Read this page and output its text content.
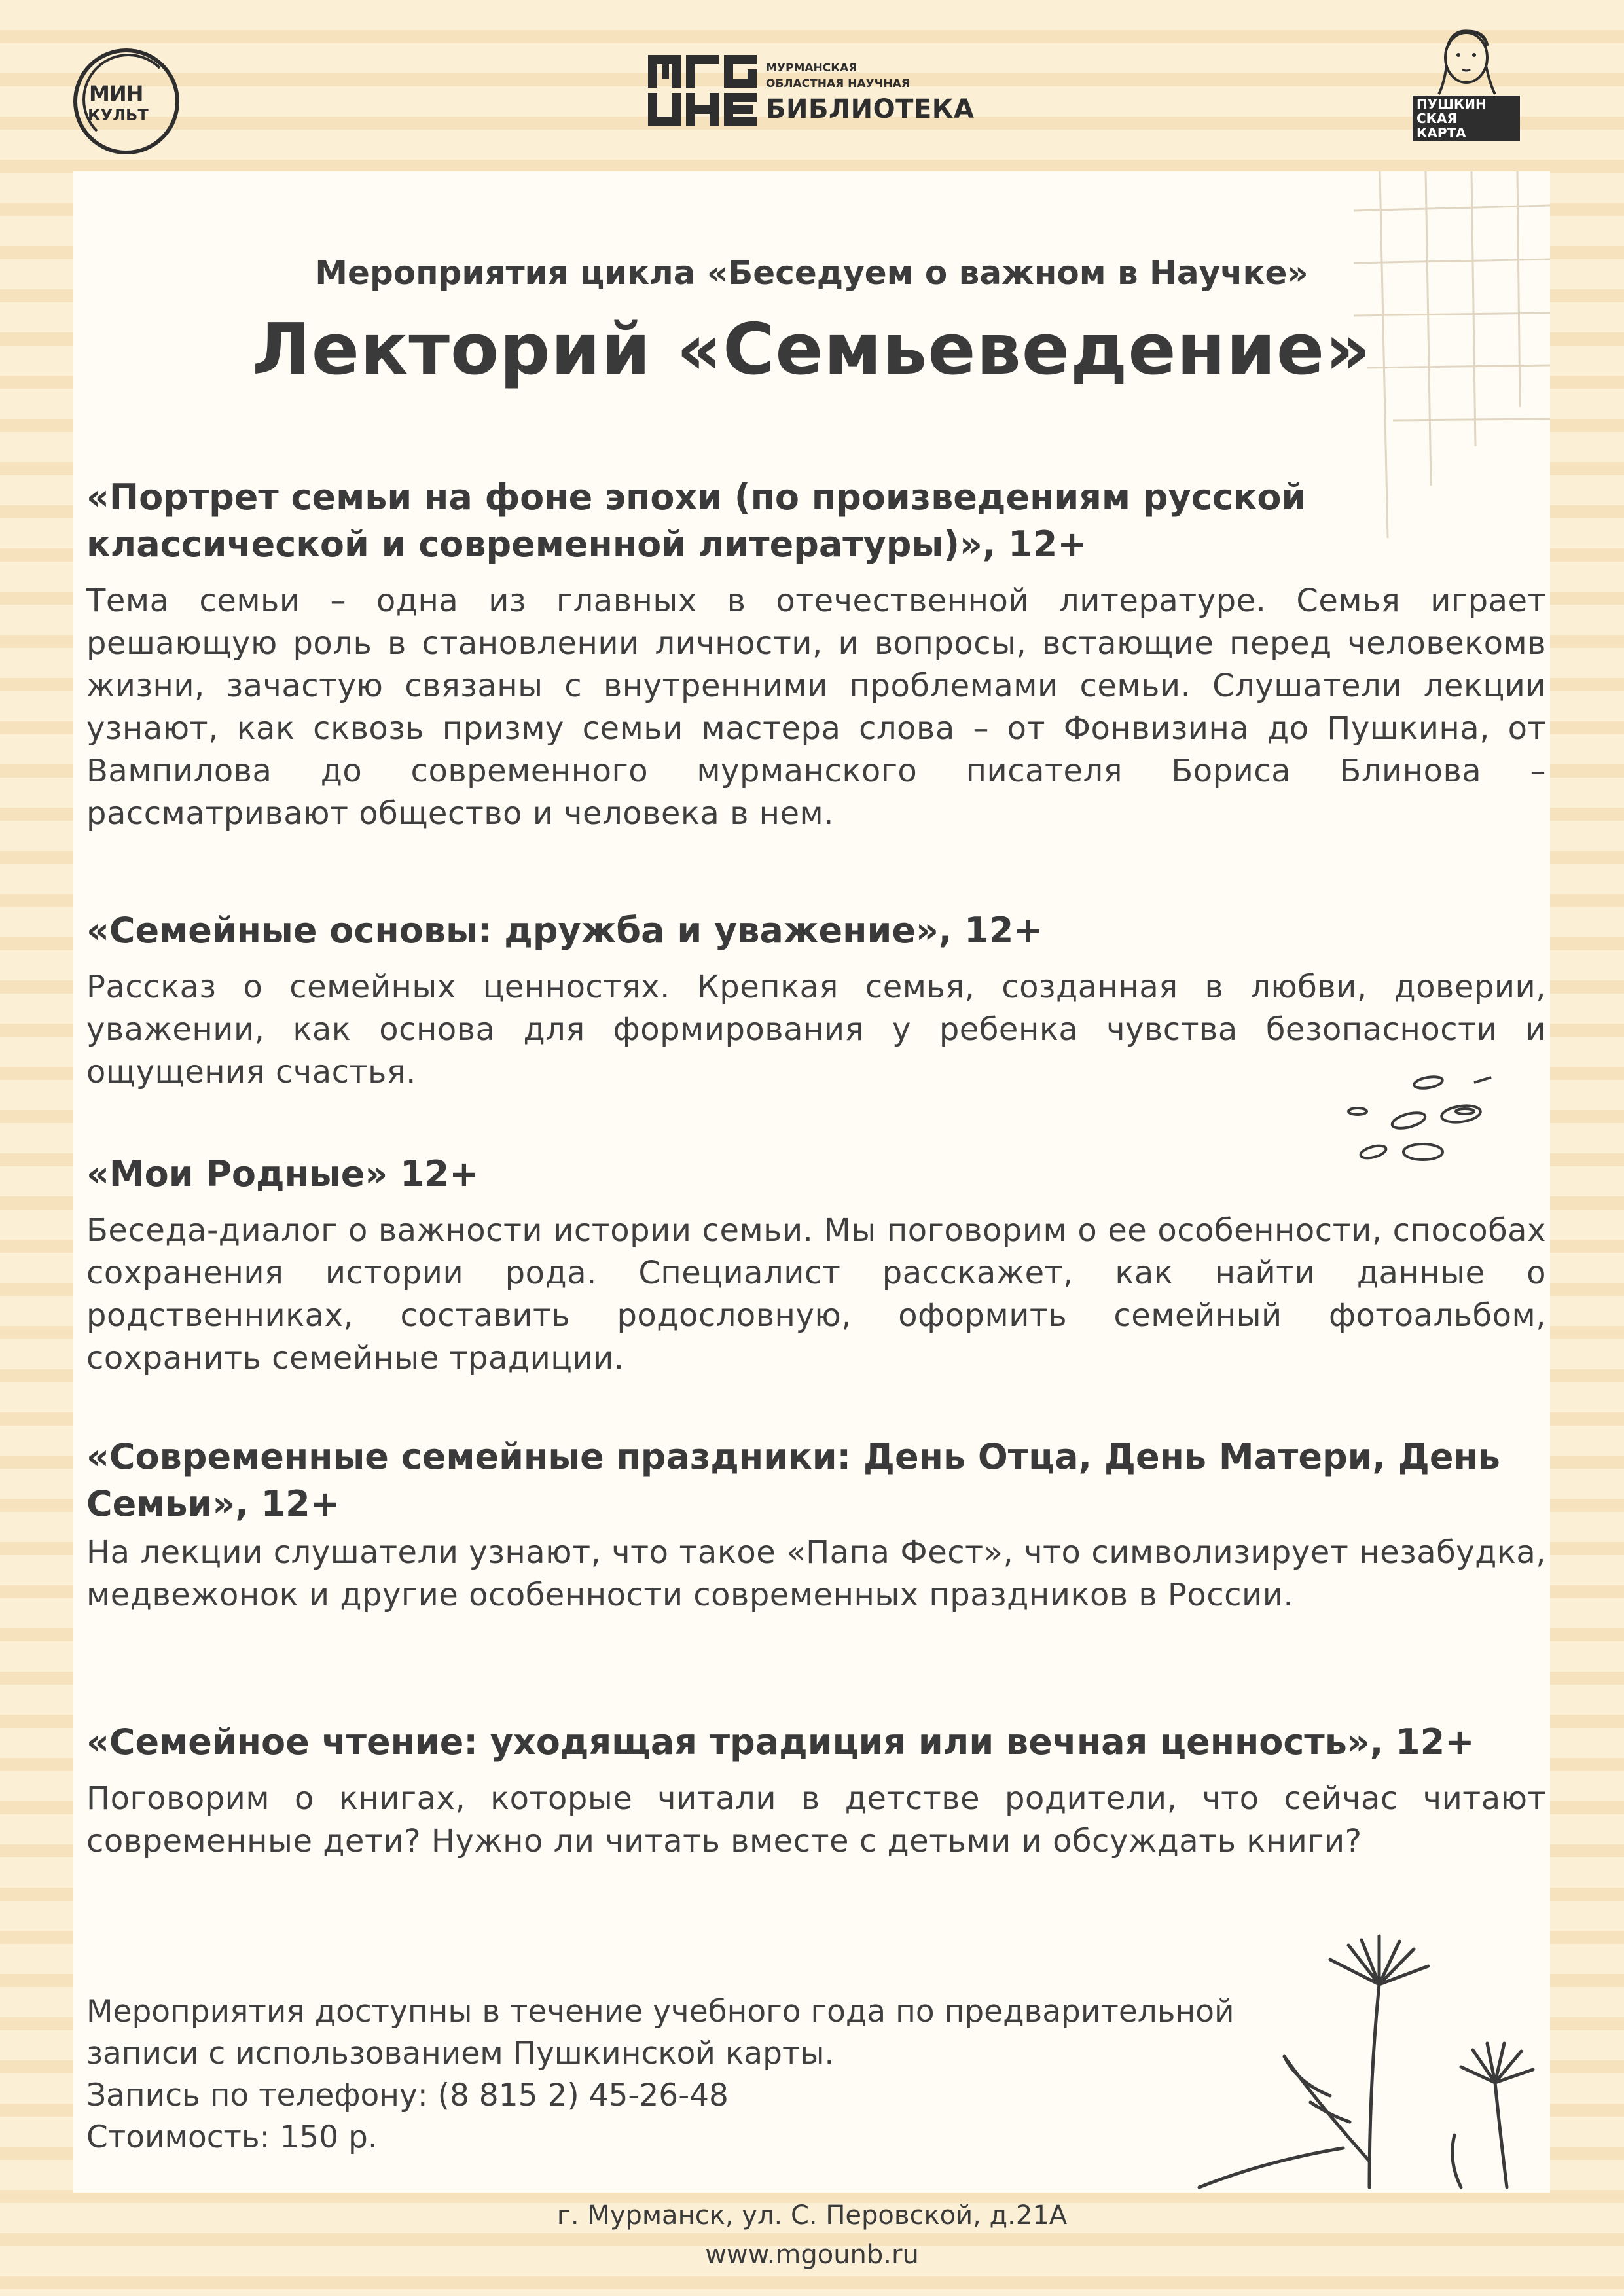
МИН
КУЛЬТ
МУРМАНСКАЯ
ОБЛАСТНАЯ НАУЧНАЯ
БИБЛИОТЕКА	ПУШКИН
СКАЯ
КАРТА
Мероприятия цикла «Беседуем о важном в Научке»
Лекторий «Семьеведение»
«Портрет семьи на фоне эпохи (по произведениям русской классической и современной литературы)», 12+

Тема семьи – одна из главных в отечественной литературе. Семья играет решающую роль в становлении личности, и вопросы, встающие перед человекомв жизни, зачастую связаны с внутренними проблемами семьи. Слушатели лекции узнают, как сквозь призму семьи мастера слова – от Фонвизина до Пушкина, от Вампилова до современного мурманского писателя Бориса Блинова – рассматривают общество и человека в нем.

«Семейные основы: дружба и уважение», 12+

Рассказ о семейных ценностях. Крепкая семья, созданная в любви, доверии, уважении, как основа для формирования у ребенка чувства безопасности и ощущения счастья.

«Мои Родные» 12+

Беседа-диалог о важности истории семьи. Мы поговорим о ее особенности, способах сохранения истории рода. Специалист расскажет, как найти данные о родственниках, составить родословную, оформить семейный фотоальбом, сохранить семейные традиции.

«Современные семейные праздники: День Отца, День Матери, День Семьи», 12+

На лекции слушатели узнают, что такое «Папа Фест», что символизирует незабудка, медвежонок и другие особенности современных праздников в России.

«Семейное чтение: уходящая традиция или вечная ценность», 12+

Поговорим о книгах, которые читали в детстве родители, что сейчас читают современные дети? Нужно ли читать вместе с детьми и обсуждать книги?

Мероприятия доступны в течение учебного года по предварительной
записи с использованием Пушкинской карты.
Запись по телефону: (8 815 2) 45-26-48
Стоимость: 150 р.
г. Мурманск, ул. С. Перовской, д.21А
www.mgounb.ru
